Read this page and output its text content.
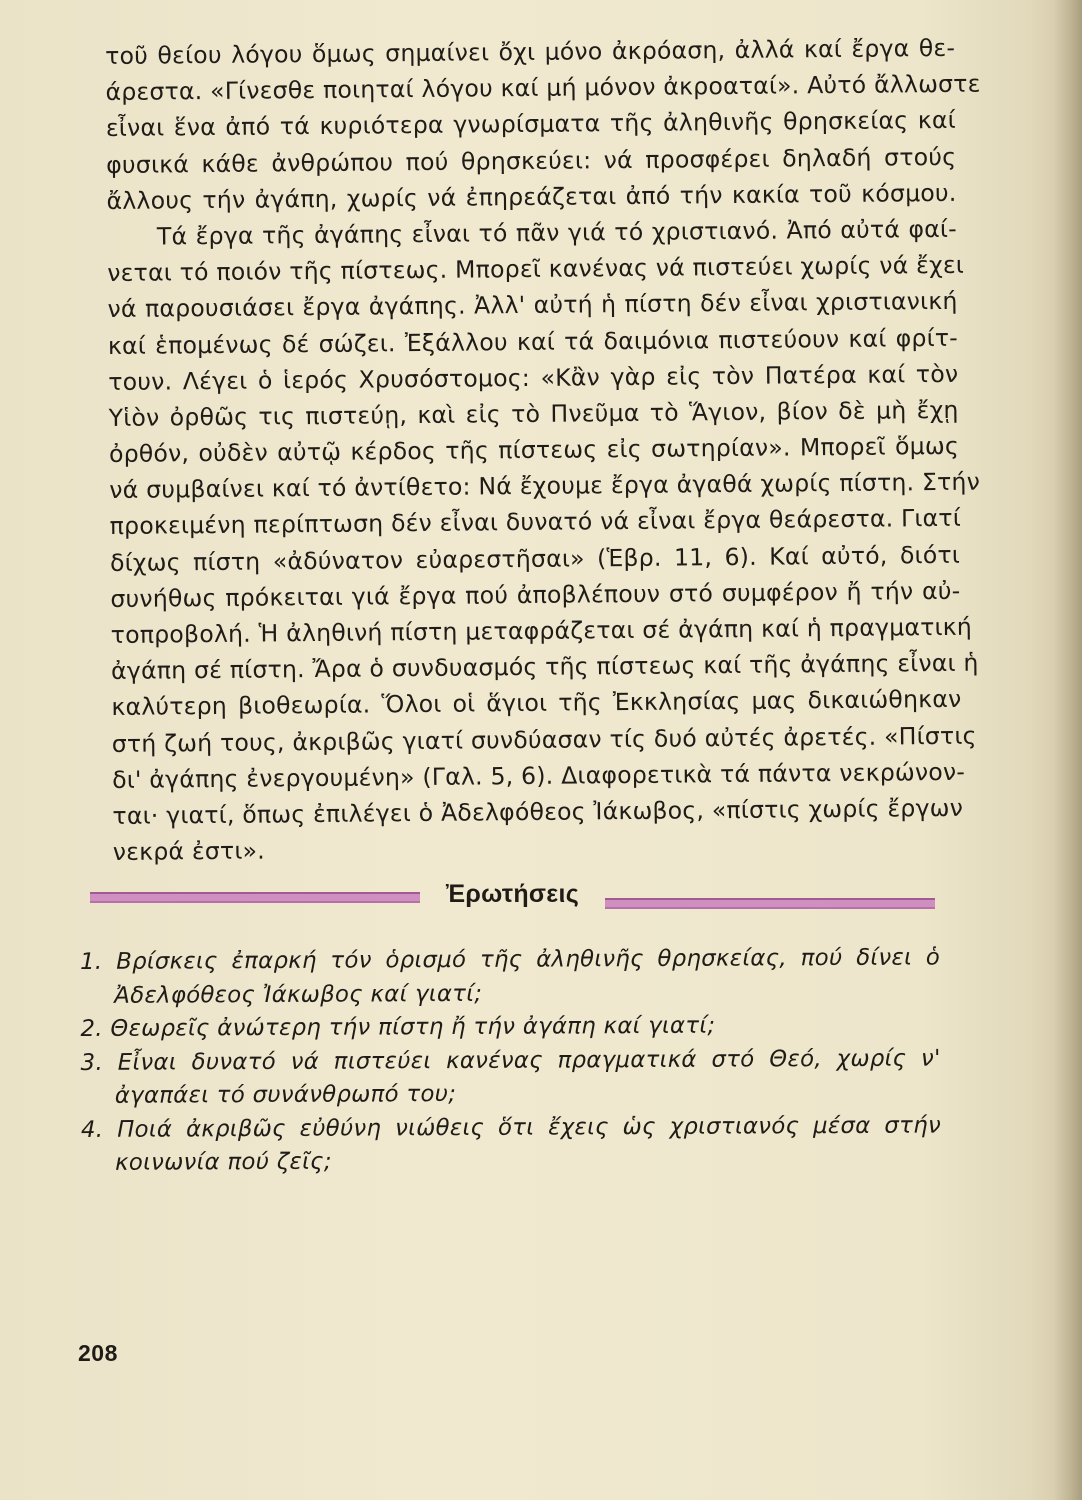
τοῦ θείου λόγου ὅμως σημαίνει ὄχι μόνο ἀκρόαση, ἀλλά καί ἔργα θε-
άρεστα. «Γίνεσθε ποιηταί λόγου καί μή μόνον ἀκροαταί». Αὐτό ἄλλωστε
εἶναι ἕνα ἀπό τά κυριότερα γνωρίσματα τῆς ἀληθινῆς θρησκείας καί
φυσικά κάθε ἀνθρώπου πού θρησκεύει: νά προσφέρει δηλαδή στούς
ἄλλους τήν ἀγάπη, χωρίς νά ἐπηρεάζεται ἀπό τήν κακία τοῦ κόσμου.
Τά ἔργα τῆς ἀγάπης εἶναι τό πᾶν γιά τό χριστιανό. Ἀπό αὐτά φαί-
νεται τό ποιόν τῆς πίστεως. Μπορεῖ κανένας νά πιστεύει χωρίς νά ἔχει
νά παρουσιάσει ἔργα ἀγάπης. Ἀλλ' αὐτή ἡ πίστη δέν εἶναι χριστιανική
καί ἑπομένως δέ σώζει. Ἐξάλλου καί τά δαιμόνια πιστεύουν καί φρίτ-
τουν. Λέγει ὁ ἱερός Χρυσόστομος: «Κἂν γὰρ εἰς τὸν Πατέρα καί τὸν
Υἱὸν ὀρθῶς τις πιστεύῃ, καὶ εἰς τὸ Πνεῦμα τὸ Ἅγιον, βίον δὲ μὴ ἔχῃ
ὀρθόν, οὐδὲν αὐτῷ κέρδος τῆς πίστεως εἰς σωτηρίαν». Μπορεῖ ὅμως
νά συμβαίνει καί τό ἀντίθετο: Νά ἔχουμε ἔργα ἀγαθά χωρίς πίστη. Στήν
προκειμένη περίπτωση δέν εἶναι δυνατό νά εἶναι ἔργα θεάρεστα. Γιατί
δίχως πίστη «ἀδύνατον εὐαρεστῆσαι» (Ἑβρ. 11, 6). Καί αὐτό, διότι
συνήθως πρόκειται γιά ἔργα πού ἀποβλέπουν στό συμφέρον ἤ τήν αὐ-
τοπροβολή. Ἡ ἀληθινή πίστη μεταφράζεται σέ ἀγάπη καί ἡ πραγματική
ἀγάπη σέ πίστη. Ἄρα ὁ συνδυασμός τῆς πίστεως καί τῆς ἀγάπης εἶναι ἡ
καλύτερη βιοθεωρία. Ὅλοι οἱ ἅγιοι τῆς Ἐκκλησίας μας δικαιώθηκαν
στή ζωή τους, ἀκριβῶς γιατί συνδύασαν τίς δυό αὐτές ἀρετές. «Πίστις
δι' ἀγάπης ἐνεργουμένη» (Γαλ. 5, 6). Διαφορετικὰ τά πάντα νεκρώνον-
ται· γιατί, ὅπως ἐπιλέγει ὁ Ἀδελφόθεος Ἰάκωβος, «πίστις χωρίς ἔργων
νεκρά ἐστι».
Ἐρωτήσεις
1. Βρίσκεις ἐπαρκή τόν ὁρισμό τῆς ἀληθινῆς θρησκείας, πού δίνει ὁ
Ἀδελφόθεος Ἰάκωβος καί γιατί;
2. Θεωρεῖς ἀνώτερη τήν πίστη ἤ τήν ἀγάπη καί γιατί;
3. Εἶναι δυνατό νά πιστεύει κανένας πραγματικά στό Θεό, χωρίς ν'
ἀγαπάει τό συνάνθρωπό του;
4. Ποιά ἀκριβῶς εὐθύνη νιώθεις ὅτι ἔχεις ὡς χριστιανός μέσα στήν
κοινωνία πού ζεῖς;
208
